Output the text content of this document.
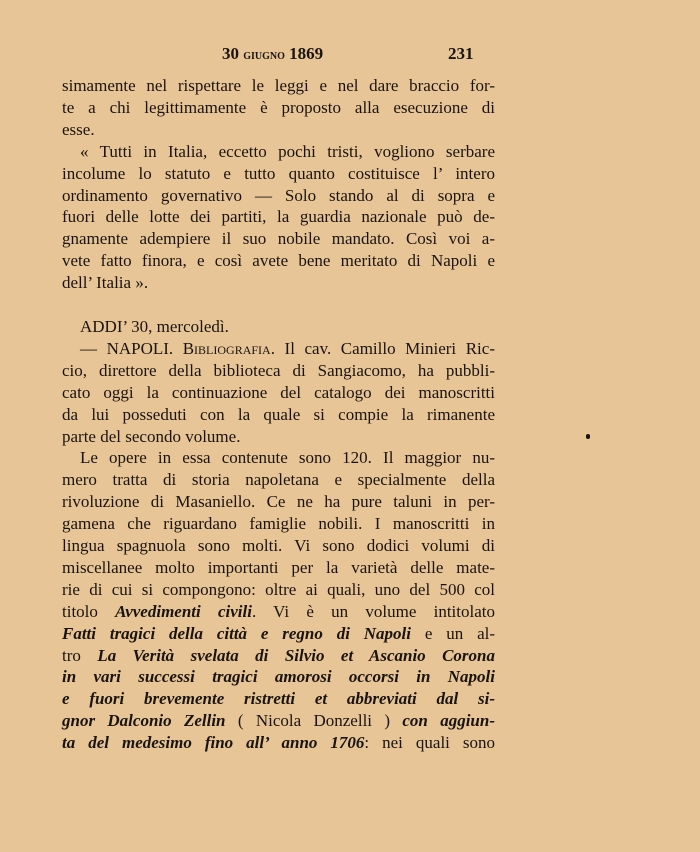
30 giugno 1869	231
simamente nel rispettare le leggi e nel dare braccio for-
te a chi legittimamente è proposto alla esecuzione di
esse.
« Tutti in Italia, eccetto pochi tristi, vogliono serbare
incolume lo statuto e tutto quanto costituisce l’ intero
ordinamento governativo — Solo stando al di sopra e
fuori delle lotte dei partiti, la guardia nazionale può de-
gnamente adempiere il suo nobile mandato. Così voi a-
vete fatto finora, e così avete bene meritato di Napoli e
dell’ Italia ».
ADDI’ 30, mercoledì.
— NAPOLI. Bibliografia. Il cav. Camillo Minieri Ric-
cio, direttore della biblioteca di Sangiacomo, ha pubbli-
cato oggi la continuazione del catalogo dei manoscritti
da lui posseduti con la quale si compie la rimanente
parte del secondo volume.
Le opere in essa contenute sono 120. Il maggior nu-
mero tratta di storia napoletana e specialmente della
rivoluzione di Masaniello. Ce ne ha pure taluni in per-
gamena che riguardano famiglie nobili. I manoscritti in
lingua spagnuola sono molti. Vi sono dodici volumi di
miscellanee molto importanti per la varietà delle mate-
rie di cui si compongono: oltre ai quali, uno del 500 col
titolo Avvedimenti civili. Vi è un volume intitolato
Fatti tragici della città e regno di Napoli e un al-
tro La Verità svelata di Silvio et Ascanio Corona
in vari successi tragici amorosi occorsi in Napoli
e fuori brevemente ristretti et abbreviati dal si-
gnor Dalconio Zellin ( Nicola Donzelli ) con aggiun-
ta del medesimo fino all’ anno 1706: nei quali sono
